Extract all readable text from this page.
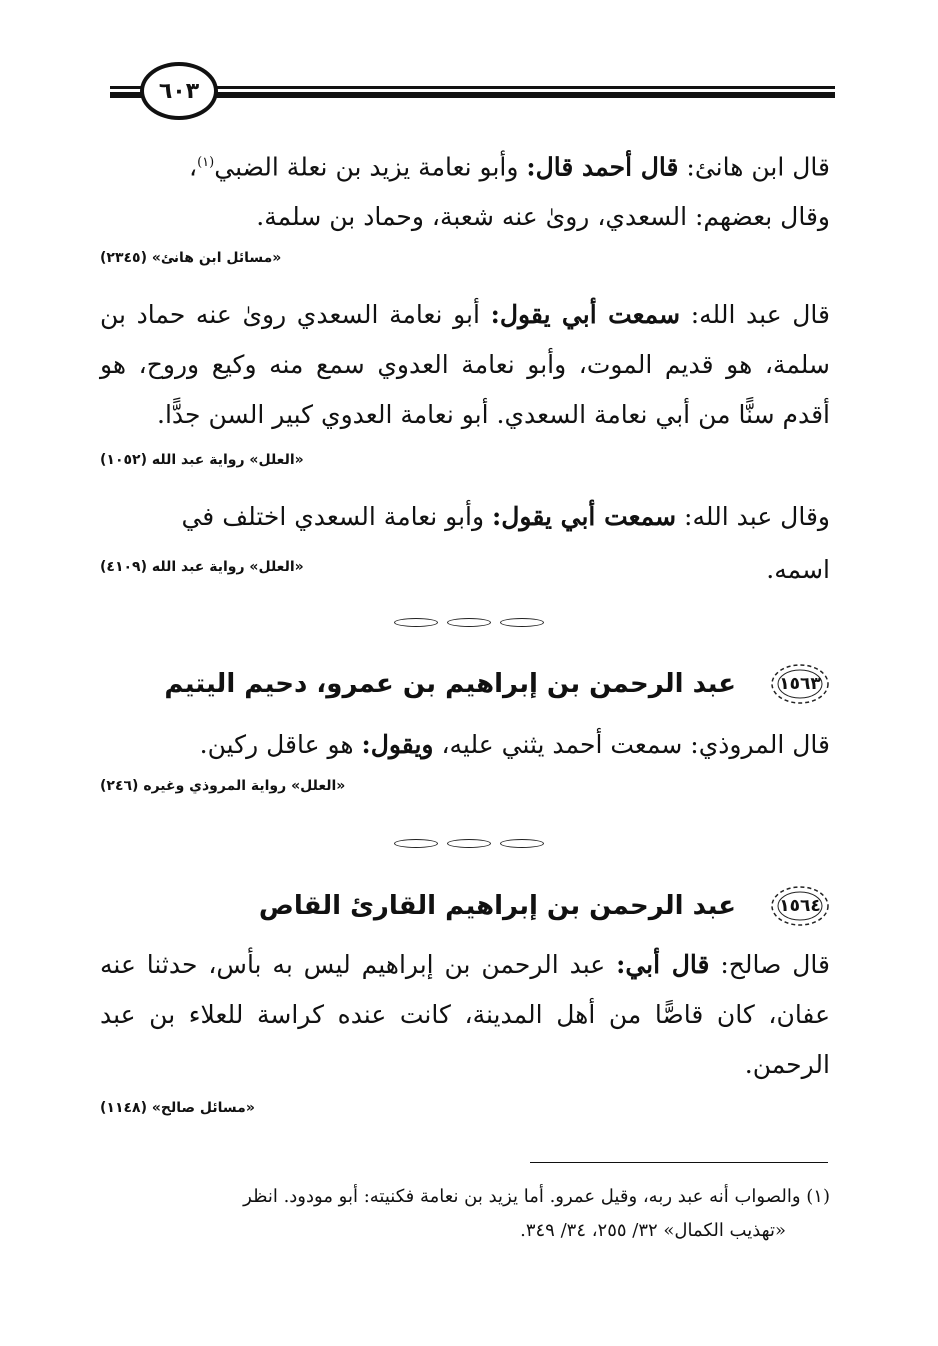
٦٠٣
قال ابن هانئ: قال أحمد قال: وأبو نعامة يزيد بن نعلة الضبي$^{(١)}$،
وقال بعضهم: السعدي، روىٰ عنه شعبة، وحماد بن سلمة.
«مسائل ابن هانئ» (٢٣٤٥)
قال عبد الله: سمعت أبي يقول: أبو نعامة السعدي روىٰ عنه حماد بن سلمة، هو قديم الموت، وأبو نعامة العدوي سمع منه وكيع وروح، هو أقدم سنًّا من أبي نعامة السعدي. أبو نعامة العدوي كبير السن جدًّا.
«العلل» رواية عبد الله (١٠٥٢)
وقال عبد الله: سمعت أبي يقول: وأبو نعامة السعدي اختلف في
اسمه.
«العلل» رواية عبد الله (٤١٠٩)
١٥٦٣
عبد الرحمن بن إبراهيم بن عمرو، دحيم اليتيم
قال المروذي: سمعت أحمد يثني عليه، ويقول: هو عاقل ركين.
«العلل» رواية المروذي وغيره (٢٤٦)
١٥٦٤
عبد الرحمن بن إبراهيم القارئ القاص
قال صالح: قال أبي: عبد الرحمن بن إبراهيم ليس به بأس، حدثنا عنه عفان، كان قاصًّا من أهل المدينة، كانت عنده كراسة للعلاء بن عبد الرحمن.
«مسائل صالح» (١١٤٨)
(١) والصواب أنه عبد ربه، وقيل عمرو. أما يزيد بن نعامة فكنيته: أبو مودود. انظر
«تهذيب الكمال» ٣٢/ ٢٥٥، ٣٤/ ٣٤٩.
